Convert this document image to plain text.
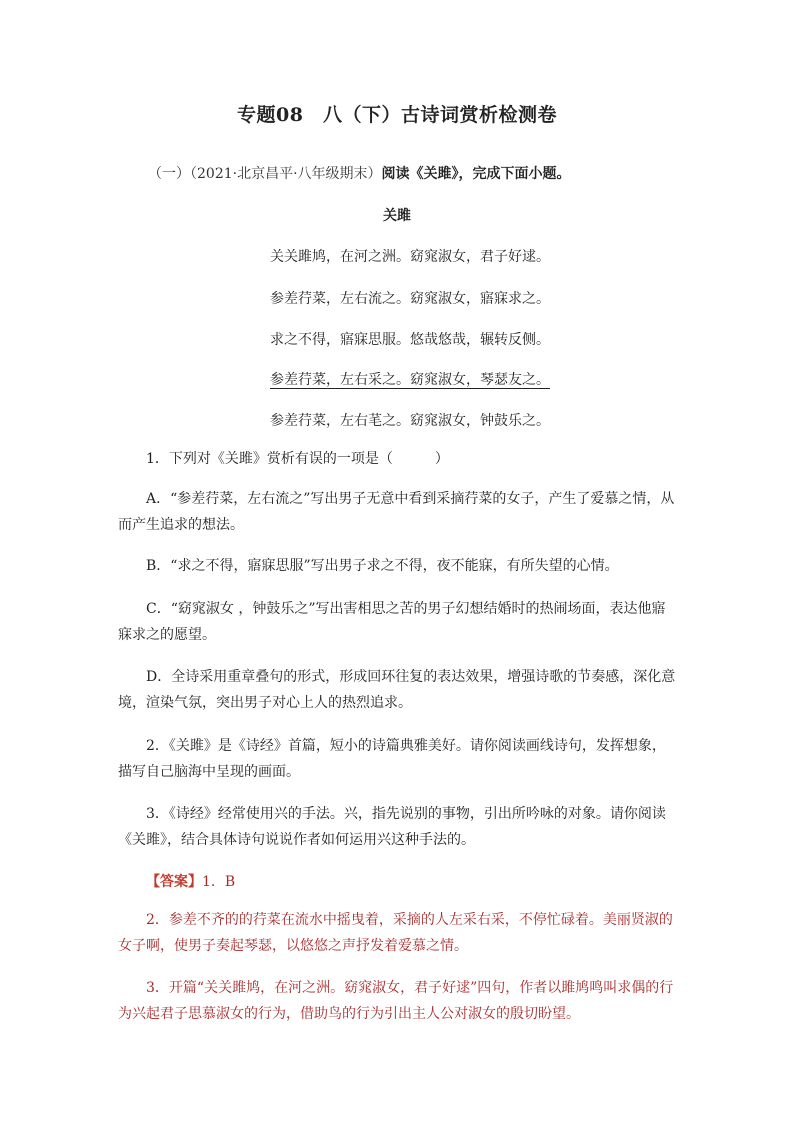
专题08　八（下）古诗词赏析检测卷
（一）（2021·北京昌平·八年级期末）阅读《关雎》，完成下面小题。
关雎
关关雎鸠，在河之洲。窈窕淑女，君子好逑。
参差荇菜，左右流之。窈窕淑女，寤寐求之。
求之不得，寤寐思服。悠哉悠哉，辗转反侧。
参差荇菜，左右采之。窈窕淑女，琴瑟友之。
参差荇菜，左右芼之。窈窕淑女，钟鼓乐之。
1．下列对《关雎》赏析有误的一项是（　　　）
A．“参差荇菜，左右流之”写出男子无意中看到采摘荇菜的女子，产生了爱慕之情，从而产生追求的想法。
B．“求之不得，寤寐思服”写出男子求之不得，夜不能寐，有所失望的心情。
C．“窈窕淑女 ，钟鼓乐之”写出害相思之苦的男子幻想结婚时的热闹场面，表达他寤寐求之的愿望。
D．全诗采用重章叠句的形式，形成回环往复的表达效果，增强诗歌的节奏感，深化意境，渲染气氛，突出男子对心上人的热烈追求。
2．《关雎》是《诗经》首篇，短小的诗篇典雅美好。请你阅读画线诗句，发挥想象，描写自己脑海中呈现的画面。
3．《诗经》经常使用兴的手法。兴，指先说别的事物，引出所吟咏的对象。请你阅读《关雎》，结合具体诗句说说作者如何运用兴这种手法的。
【答案】1．B
2．参差不齐的的荇菜在流水中摇曳着，采摘的人左采右采，不停忙碌着。美丽贤淑的女子啊，使男子奏起琴瑟，以悠悠之声抒发着爱慕之情。
3．开篇“关关雎鸠，在河之洲。窈窕淑女，君子好逑”四句，作者以雎鸠鸣叫求偶的行为兴起君子思慕淑女的行为，借助鸟的行为引出主人公对淑女的殷切盼望。
